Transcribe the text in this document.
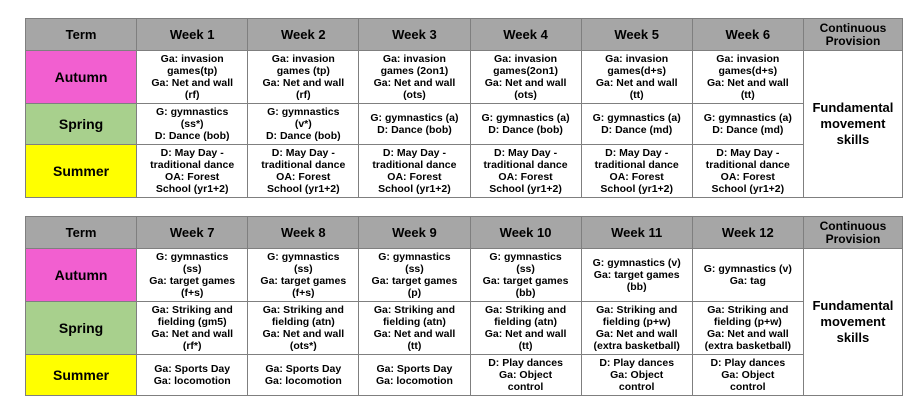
Term	Week 1	Week 2	Week 3	Week 4	Week 5	Week 6	Continuous
Provision

Autumn	Ga: invasion
games(tp)
Ga: Net and wall
(rf)	Ga: invasion
games (tp)
Ga: Net and wall
(rf)	Ga: invasion
games (2on1)
Ga: Net and wall
(ots)	Ga: invasion
games(2on1)
Ga: Net and wall
(ots)	Ga: invasion
games(d+s)
Ga: Net and wall
(tt)	Ga: invasion
games(d+s)
Ga: Net and wall
(tt)	Fundamental
movement
skills

Spring	G: gymnastics
(ss*)
D: Dance (bob)	G: gymnastics
(v*)
D: Dance (bob)	G: gymnastics (a)
D: Dance (bob)	G: gymnastics (a)
D: Dance (bob)	G: gymnastics (a)
D: Dance (md)	G: gymnastics (a)
D: Dance (md)	

Summer	D: May Day -
traditional dance
OA: Forest
School (yr1+2)	D: May Day -
traditional dance
OA: Forest
School (yr1+2)	D: May Day -
traditional dance
OA: Forest
School (yr1+2)	D: May Day -
traditional dance
OA: Forest
School (yr1+2)	D: May Day -
traditional dance
OA: Forest
School (yr1+2)	D: May Day -
traditional dance
OA: Forest
School (yr1+2)	
Term	Week 7	Week 8	Week 9	Week 10	Week 11	Week 12	Continuous
Provision

Autumn	G: gymnastics
(ss)
Ga: target games
(f+s)	G: gymnastics
(ss)
Ga: target games
(f+s)	G: gymnastics
(ss)
Ga: target games
(p)	G: gymnastics
(ss)
Ga: target games
(bb)	G: gymnastics (v)
Ga: target games
(bb)	G: gymnastics (v)
Ga: tag	Fundamental
movement
skills

Spring	Ga: Striking and
fielding (gm5)
Ga: Net and wall
(rf*)	Ga: Striking and
fielding (atn)
Ga: Net and wall
(ots*)	Ga: Striking and
fielding (atn)
Ga: Net and wall
(tt)	Ga: Striking and
fielding (atn)
Ga: Net and wall
(tt)	Ga: Striking and
fielding (p+w)
Ga: Net and wall
(extra basketball)	Ga: Striking and
fielding (p+w)
Ga: Net and wall
(extra basketball)	

Summer	Ga: Sports Day
Ga: locomotion	Ga: Sports Day
Ga: locomotion	Ga: Sports Day
Ga: locomotion	D: Play dances
Ga: Object
control	D: Play dances
Ga: Object
control	D: Play dances
Ga: Object
control	
